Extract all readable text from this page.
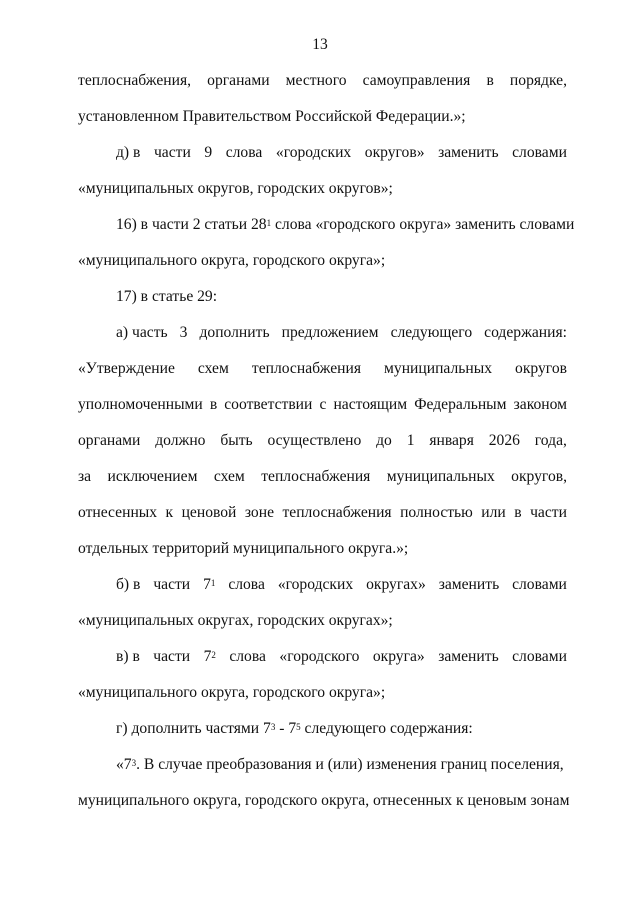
13
теплоснабжения, органами местного самоуправления в порядке,
установленном Правительством Российской Федерации.»;
д) в части 9 слова «городских округов» заменить словами
«муниципальных округов, городских округов»;
16) в части 2 статьи $28^1$ слова «городского округа» заменить словами
«муниципального округа, городского округа»;
17) в статье 29:
а) часть 3 дополнить предложением следующего содержания:
«Утверждение схем теплоснабжения муниципальных округов
уполномоченными в соответствии с настоящим Федеральным законом
органами должно быть осуществлено до 1 января 2026 года,
за исключением схем теплоснабжения муниципальных округов,
отнесенных к ценовой зоне теплоснабжения полностью или в части
отдельных территорий муниципального округа.»;
б) в части $7^1$ слова «городских округах» заменить словами
«муниципальных округах, городских округах»;
в) в части $7^2$ слова «городского округа» заменить словами
«муниципального округа, городского округа»;
г) дополнить частями $7^3 - 7^5$ следующего содержания:
«$7^3$. В случае преобразования и (или) изменения границ поселения,
муниципального округа, городского округа, отнесенных к ценовым зонам
